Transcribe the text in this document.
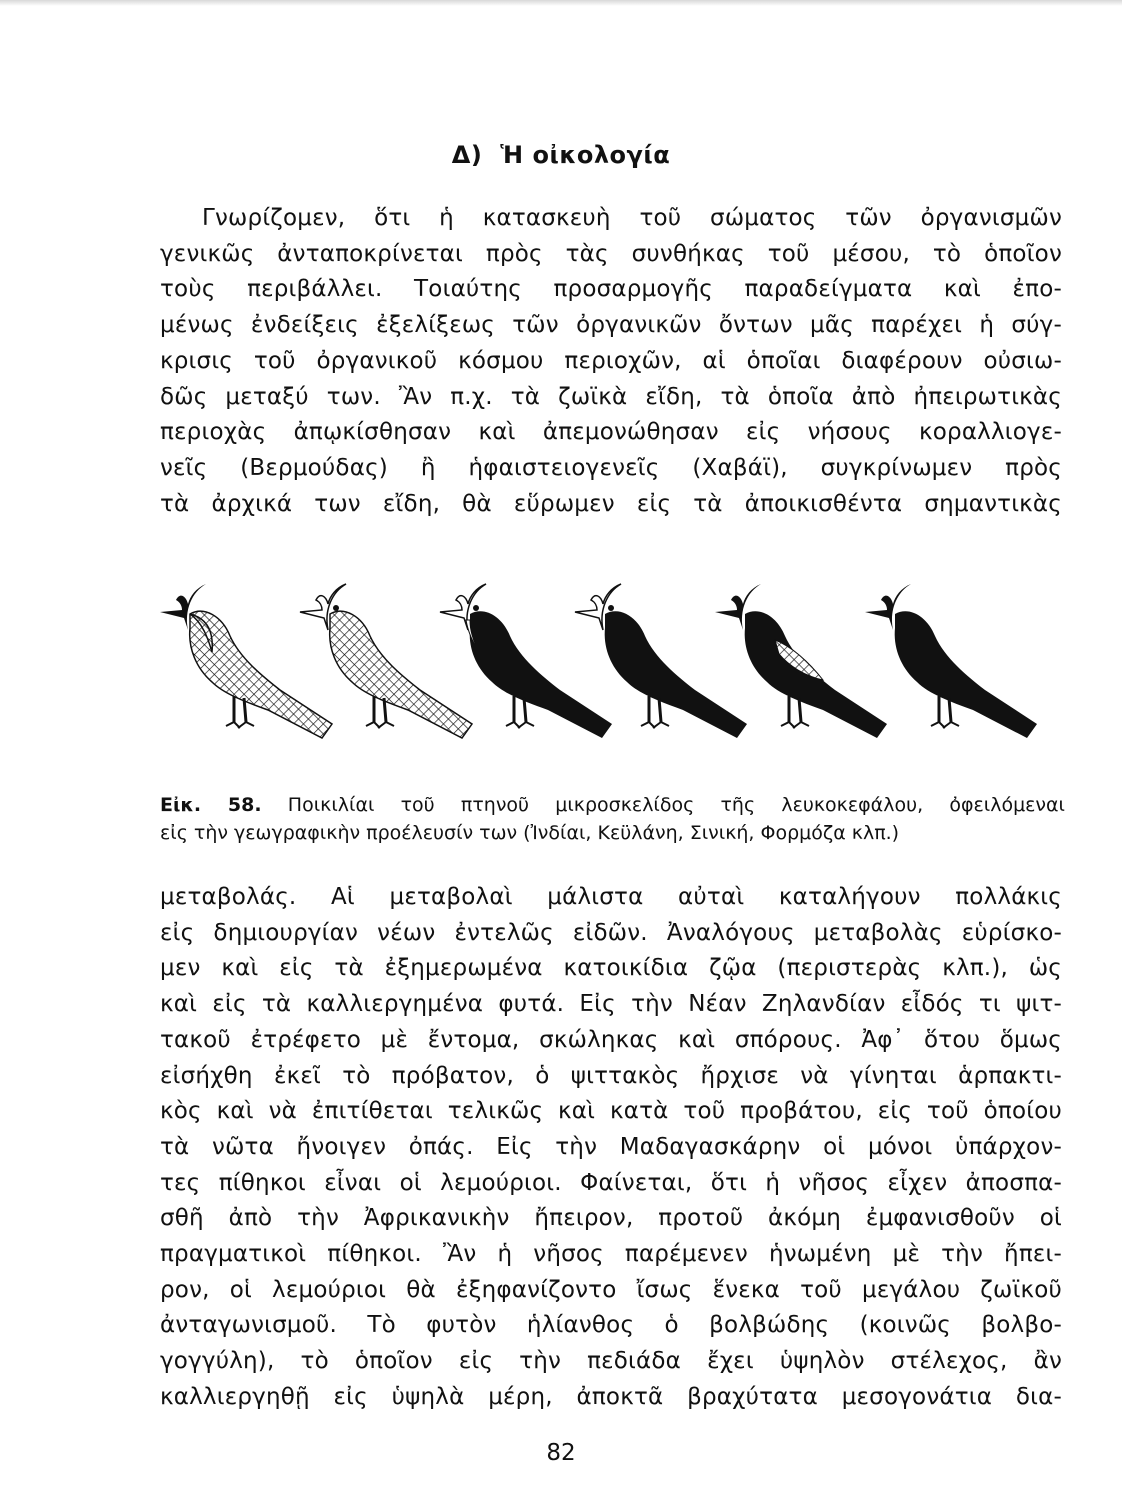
Δ) Ἡ οἰκολογία
Γνωρίζομεν, ὅτι ἡ κατασκευὴ τοῦ σώματος τῶν ὀργανισμῶν
γενικῶς ἀνταποκρίνεται πρὸς τὰς συνθήκας τοῦ μέσου, τὸ ὁποῖον
τοὺς περιβάλλει. Τοιαύτης προσαρμογῆς παραδείγματα καὶ ἐπο-
μένως ἐνδείξεις ἐξελίξεως τῶν ὀργανικῶν ὄντων μᾶς παρέχει ἡ σύγ-
κρισις τοῦ ὀργανικοῦ κόσμου περιοχῶν, αἱ ὁποῖαι διαφέρουν οὐσιω-
δῶς μεταξύ των. Ἂν π.χ. τὰ ζωϊκὰ εἴδη, τὰ ὁποῖα ἀπὸ ἠπειρωτικὰς
περιοχὰς ἀπῳκίσθησαν καὶ ἀπεμονώθησαν εἰς νήσους κοραλλιογε-
νεῖς (Βερμούδας) ἢ ἡφαιστειογενεῖς (Χαβάϊ), συγκρίνωμεν πρὸς
τὰ ἀρχικά των εἴδη, θὰ εὕρωμεν εἰς τὰ ἀποικισθέντα σημαντικὰς
Εἰκ. 58. Ποικιλίαι τοῦ πτηνοῦ μικροσκελίδος τῆς λευκοκεφάλου, ὀφειλόμεναι
εἰς τὴν γεωγραφικὴν προέλευσίν των (Ἰνδίαι, Κεϋλάνη, Σινική, Φορμόζα κλπ.)
μεταβολάς. Αἱ μεταβολαὶ μάλιστα αὐταὶ καταλήγουν πολλάκις
εἰς δημιουργίαν νέων ἐντελῶς εἰδῶν. Ἀναλόγους μεταβολὰς εὑρίσκο-
μεν καὶ εἰς τὰ ἐξημερωμένα κατοικίδια ζῷα (περιστερὰς κλπ.), ὡς
καὶ εἰς τὰ καλλιεργημένα φυτά. Εἰς τὴν Νέαν Ζηλανδίαν εἶδός τι ψιτ-
τακοῦ ἐτρέφετο μὲ ἔντομα, σκώληκας καὶ σπόρους. Ἀφ᾽ ὅτου ὅμως
εἰσήχθη ἐκεῖ τὸ πρόβατον, ὁ ψιττακὸς ἤρχισε νὰ γίνηται ἁρπακτι-
κὸς καὶ νὰ ἐπιτίθεται τελικῶς καὶ κατὰ τοῦ προβάτου, εἰς τοῦ ὁποίου
τὰ νῶτα ἤνοιγεν ὀπάς. Εἰς τὴν Μαδαγασκάρην οἱ μόνοι ὑπάρχον-
τες πίθηκοι εἶναι οἱ λεμούριοι. Φαίνεται, ὅτι ἡ νῆσος εἶχεν ἀποσπα-
σθῆ ἀπὸ τὴν Ἀφρικανικὴν ἤπειρον, προτοῦ ἀκόμη ἐμφανισθοῦν οἱ
πραγματικοὶ πίθηκοι. Ἂν ἡ νῆσος παρέμενεν ἡνωμένη μὲ τὴν ἤπει-
ρον, οἱ λεμούριοι θὰ ἐξηφανίζοντο ἴσως ἕνεκα τοῦ μεγάλου ζωϊκοῦ
ἀνταγωνισμοῦ. Τὸ φυτὸν ἡλίανθος ὁ βολβώδης (κοινῶς βολβο-
γογγύλη), τὸ ὁποῖον εἰς τὴν πεδιάδα ἔχει ὑψηλὸν στέλεχος, ἂν
καλλιεργηθῇ εἰς ὑψηλὰ μέρη, ἀποκτᾶ βραχύτατα μεσογονάτια δια-
82
